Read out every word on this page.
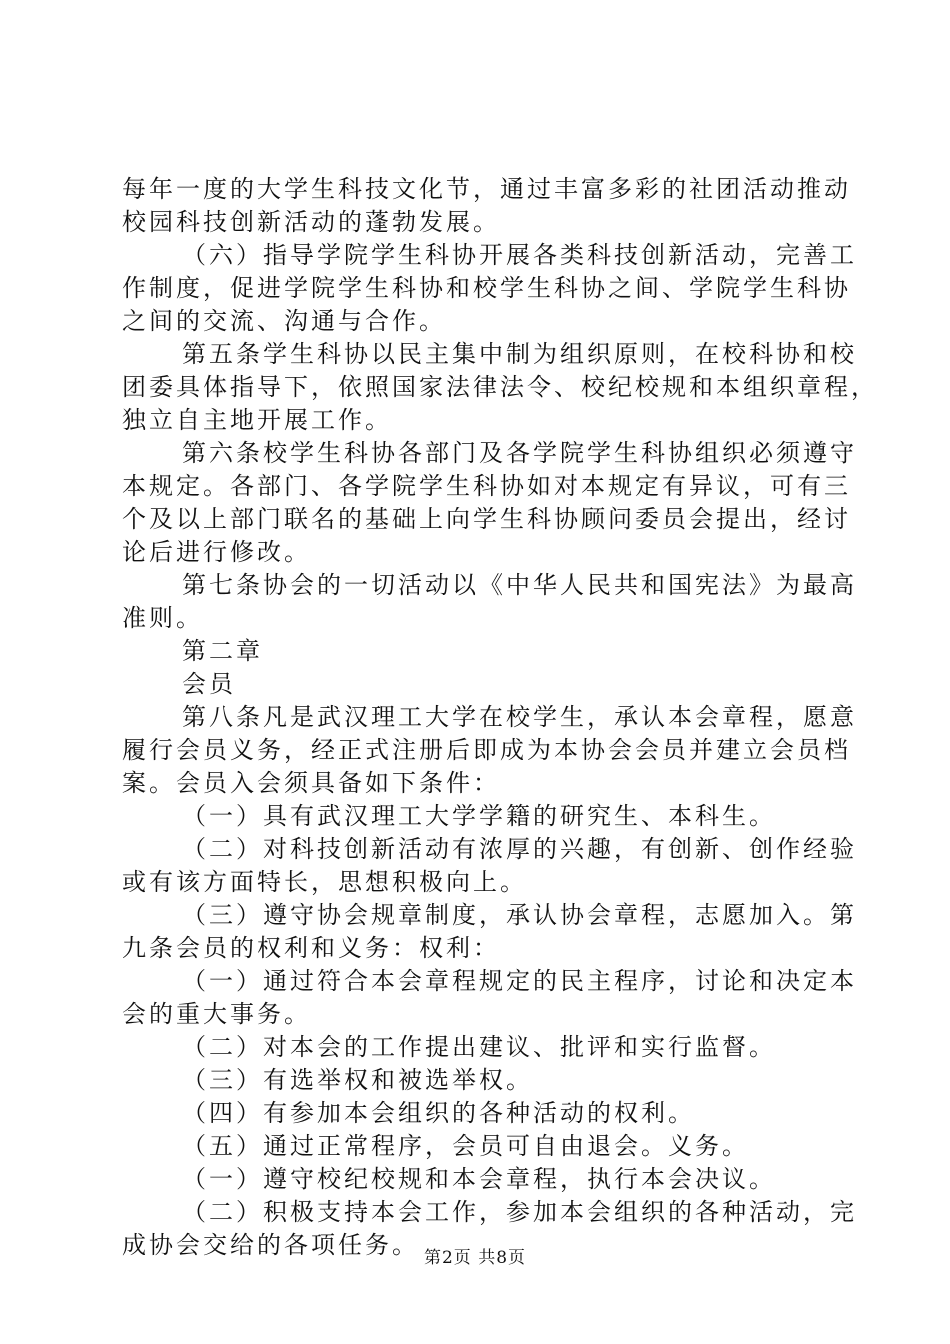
每年一度的大学生科技文化节，通过丰富多彩的社团活动推动
校园科技创新活动的蓬勃发展。
（六）指导学院学生科协开展各类科技创新活动，完善工
作制度，促进学院学生科协和校学生科协之间、学院学生科协
之间的交流、沟通与合作。
第五条学生科协以民主集中制为组织原则，在校科协和校
团委具体指导下，依照国家法律法令、校纪校规和本组织章程，
独立自主地开展工作。
第六条校学生科协各部门及各学院学生科协组织必须遵守
本规定。各部门、各学院学生科协如对本规定有异议，可有三
个及以上部门联名的基础上向学生科协顾问委员会提出，经讨
论后进行修改。
第七条协会的一切活动以《中华人民共和国宪法》为最高
准则。
第二章
会员
第八条凡是武汉理工大学在校学生，承认本会章程，愿意
履行会员义务，经正式注册后即成为本协会会员并建立会员档
案。会员入会须具备如下条件：
（一）具有武汉理工大学学籍的研究生、本科生。
（二）对科技创新活动有浓厚的兴趣，有创新、创作经验
或有该方面特长，思想积极向上。
（三）遵守协会规章制度，承认协会章程，志愿加入。第
九条会员的权利和义务：权利：
（一）通过符合本会章程规定的民主程序，讨论和决定本
会的重大事务。
（二）对本会的工作提出建议、批评和实行监督。
（三）有选举权和被选举权。
（四）有参加本会组织的各种活动的权利。
（五）通过正常程序，会员可自由退会。义务。
（一）遵守校纪校规和本会章程，执行本会决议。
（二）积极支持本会工作，参加本会组织的各种活动，完
成协会交给的各项任务。 第2页 共8页
